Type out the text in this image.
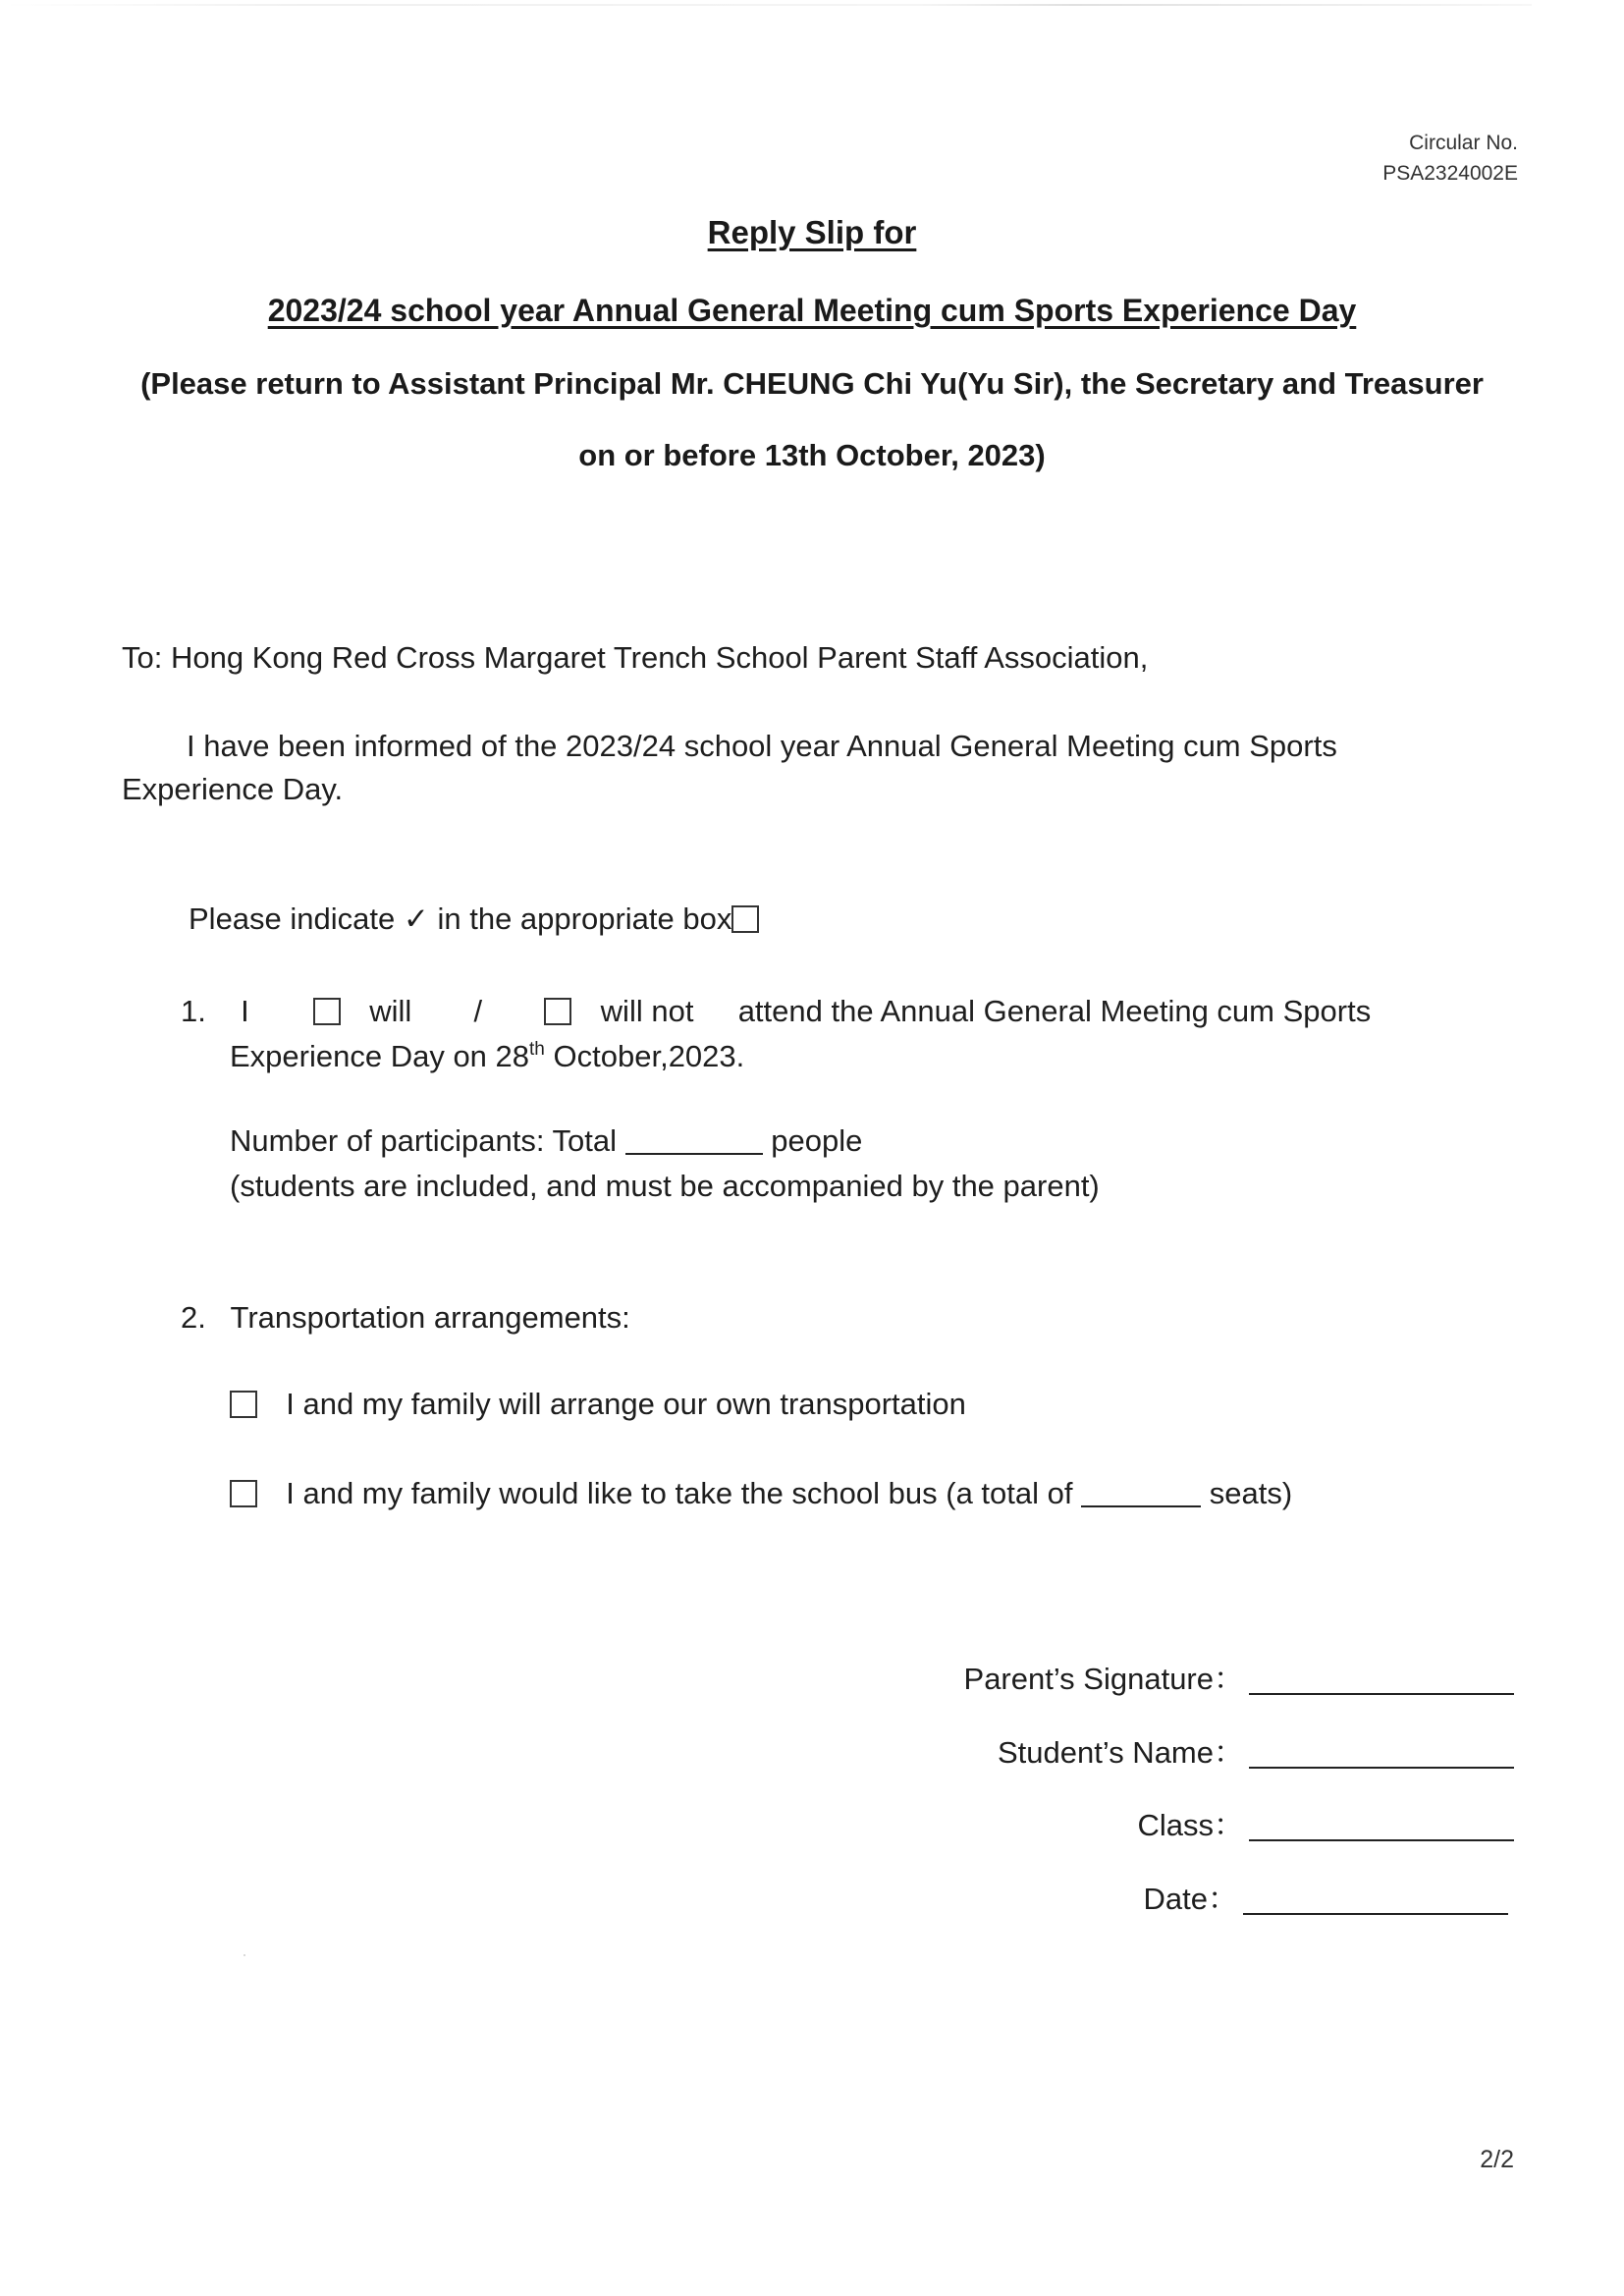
Circular No.
PSA2324002E
Reply Slip for
2023/24 school year Annual General Meeting cum Sports Experience Day
(Please return to Assistant Principal Mr. CHEUNG Chi Yu(Yu Sir), the Secretary and Treasurer
on or before 13th October, 2023)
To: Hong Kong Red Cross Margaret Trench School Parent Staff Association,
I have been informed of the 2023/24 school year Annual General Meeting cum Sports Experience Day.
Please indicate ✓ in the appropriate box
1. I	will /	will not attend the Annual General Meeting cum Sports
Experience Day on 28th October,2023.
Number of participants: Total	people
(students are included, and must be accompanied by the parent)
2. Transportation arrangements:
I and my family will arrange our own transportation
I and my family would like to take the school bus (a total of	seats)
Parent’s Signature：
Student’s Name：
Class：
Date：
2/2
